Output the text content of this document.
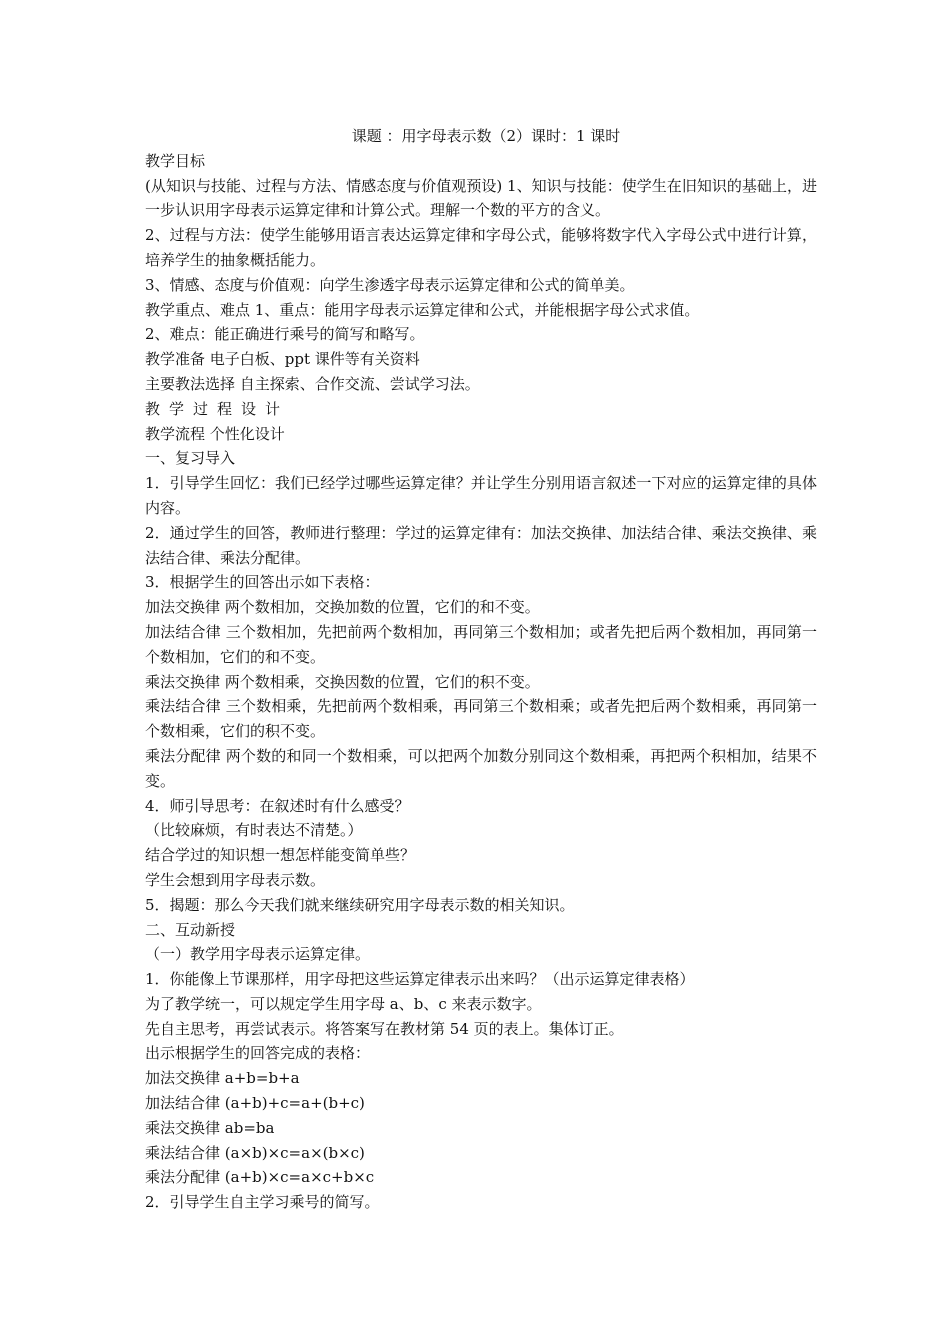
课题 ：用字母表示数（2）课时：1 课时

教学目标

(从知识与技能、过程与方法、情感态度与价值观预设) 1、知识与技能：使学生在旧知识的基础上，进一步认识用字母表示运算定律和计算公式。理解一个数的平方的含义。

2、过程与方法：使学生能够用语言表达运算定律和字母公式，能够将数字代入字母公式中进行计算，培养学生的抽象概括能力。

3、情感、态度与价值观：向学生渗透字母表示运算定律和公式的简单美。

教学重点、难点 1、重点：能用字母表示运算定律和公式，并能根据字母公式求值。

2、难点：能正确进行乘号的简写和略写。

教学准备 电子白板、ppt 课件等有关资料

主要教法选择 自主探索、合作交流、尝试学习法。

教学过程设计

教学流程 个性化设计

一、复习导入

1．引导学生回忆：我们已经学过哪些运算定律？并让学生分别用语言叙述一下对应的运算定律的具体内容。

2．通过学生的回答，教师进行整理：学过的运算定律有：加法交换律、加法结合律、乘法交换律、乘法结合律、乘法分配律。

3．根据学生的回答出示如下表格：

加法交换律 两个数相加，交换加数的位置，它们的和不变。

加法结合律 三个数相加，先把前两个数相加，再同第三个数相加；或者先把后两个数相加，再同第一个数相加，它们的和不变。

乘法交换律 两个数相乘，交换因数的位置，它们的积不变。

乘法结合律 三个数相乘，先把前两个数相乘，再同第三个数相乘；或者先把后两个数相乘，再同第一个数相乘，它们的积不变。

乘法分配律 两个数的和同一个数相乘，可以把两个加数分别同这个数相乘，再把两个积相加，结果不变。

4．师引导思考：在叙述时有什么感受？

（比较麻烦，有时表达不清楚。）

结合学过的知识想一想怎样能变简单些？

学生会想到用字母表示数。

5．揭题：那么今天我们就来继续研究用字母表示数的相关知识。

二、互动新授

（一）教学用字母表示运算定律。

1．你能像上节课那样，用字母把这些运算定律表示出来吗？（出示运算定律表格）

为了教学统一，可以规定学生用字母 a、b、c 来表示数字。

先自主思考，再尝试表示。将答案写在教材第 54 页的表上。集体订正。

出示根据学生的回答完成的表格：

加法交换律 a+b=b+a

加法结合律 (a+b)+c=a+(b+c)

乘法交换律 ab=ba

乘法结合律 (a×b)×c=a×(b×c)

乘法分配律 (a+b)×c=a×c+b×c

2．引导学生自主学习乘号的简写。
